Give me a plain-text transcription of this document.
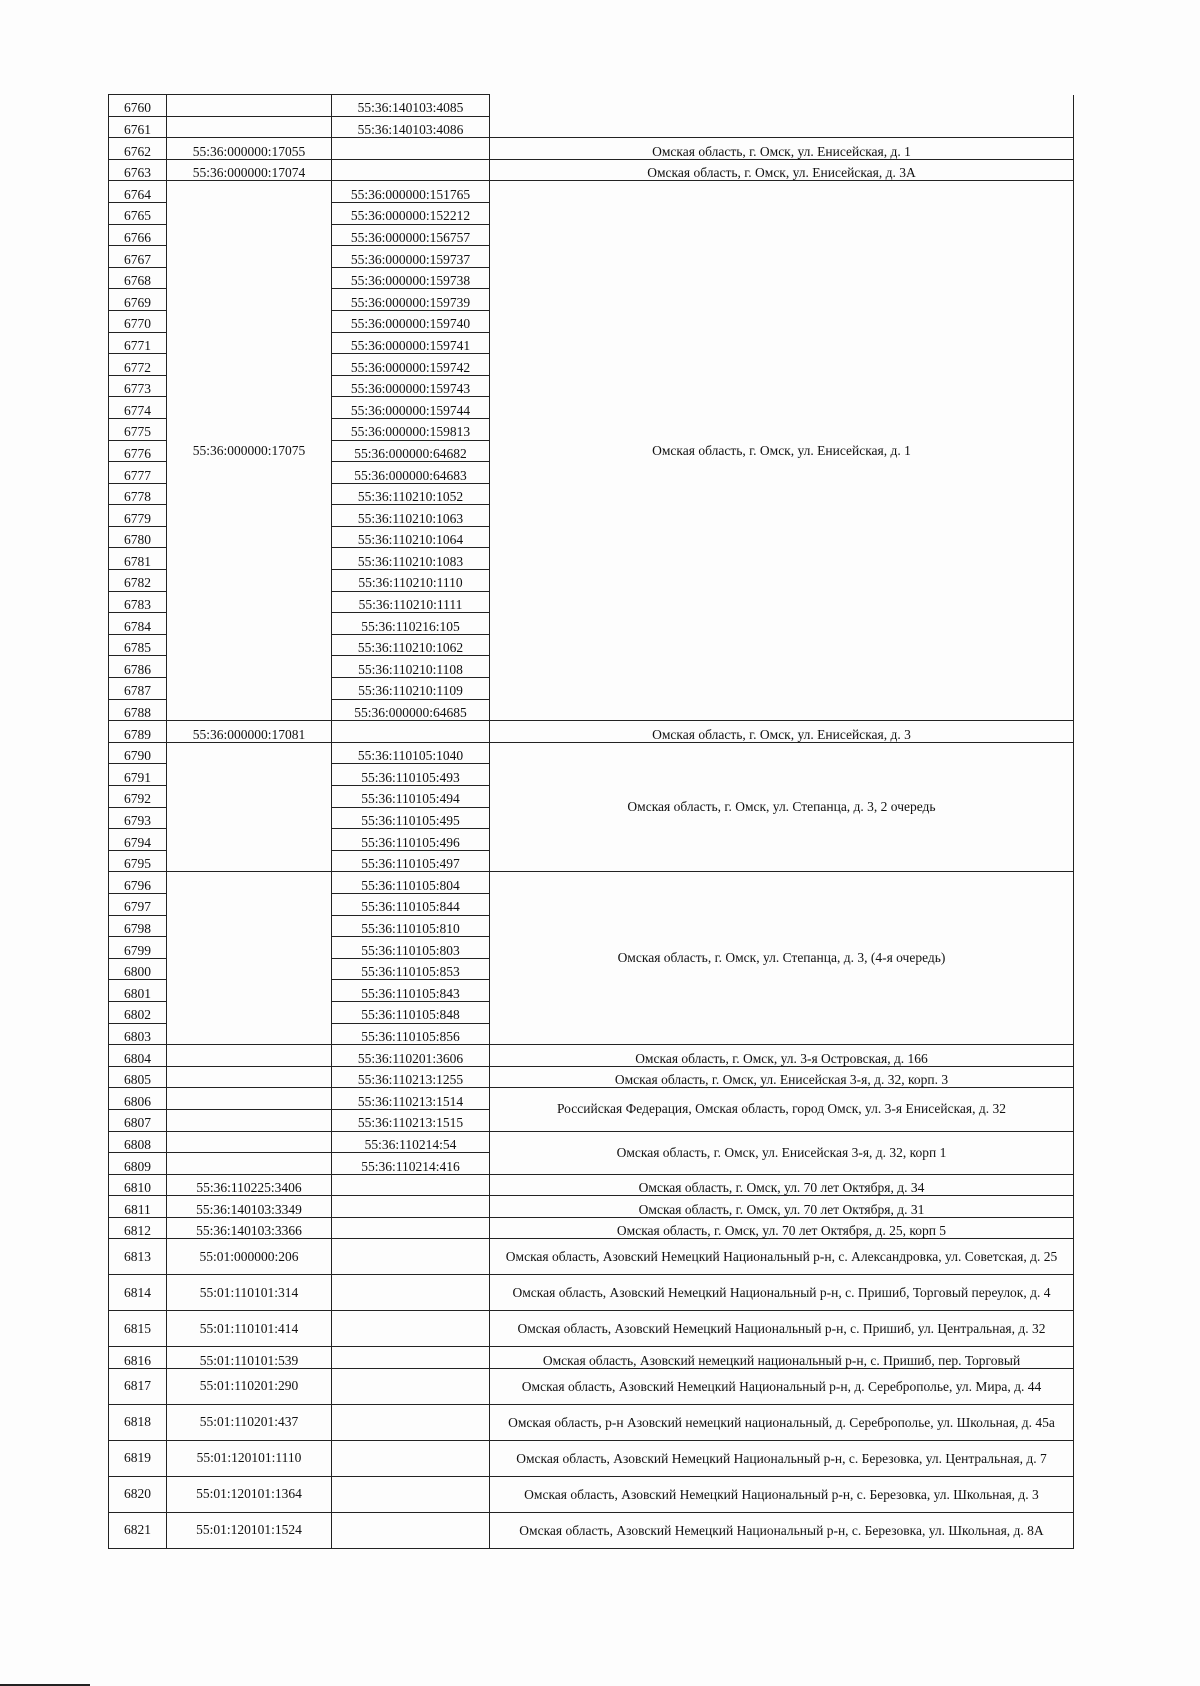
6760		55:36:140103:4085	
6761		55:36:140103:4086	
6762	55:36:000000:17055		Омская область, г. Омск, ул. Енисейская, д. 1
6763	55:36:000000:17074		Омская область, г. Омск, ул. Енисейская, д. 3А
6764	55:36:000000:17075	55:36:000000:151765	Омская область, г. Омск, ул. Енисейская, д. 1
6765		55:36:000000:152212	
6766		55:36:000000:156757	
6767		55:36:000000:159737	
6768		55:36:000000:159738	
6769		55:36:000000:159739	
6770		55:36:000000:159740	
6771		55:36:000000:159741	
6772		55:36:000000:159742	
6773		55:36:000000:159743	
6774		55:36:000000:159744	
6775		55:36:000000:159813	
6776		55:36:000000:64682	
6777		55:36:000000:64683	
6778		55:36:110210:1052	
6779		55:36:110210:1063	
6780		55:36:110210:1064	
6781		55:36:110210:1083	
6782		55:36:110210:1110	
6783		55:36:110210:1111	
6784		55:36:110216:105	
6785		55:36:110210:1062	
6786		55:36:110210:1108	
6787		55:36:110210:1109	
6788		55:36:000000:64685	
6789	55:36:000000:17081		Омская область, г. Омск, ул. Енисейская, д. 3
6790		55:36:110105:1040	Омская область, г. Омск, ул. Степанца, д. 3, 2 очередь
6791		55:36:110105:493	
6792		55:36:110105:494	
6793		55:36:110105:495	
6794		55:36:110105:496	
6795		55:36:110105:497	
6796		55:36:110105:804	Омская область, г. Омск, ул. Степанца, д. 3, (4-я очередь)
6797		55:36:110105:844	
6798		55:36:110105:810	
6799		55:36:110105:803	
6800		55:36:110105:853	
6801		55:36:110105:843	
6802		55:36:110105:848	
6803		55:36:110105:856	
6804		55:36:110201:3606	Омская область, г. Омск, ул. 3-я Островская, д. 166
6805		55:36:110213:1255	Омская область, г. Омск, ул. Енисейская 3-я, д. 32, корп. 3
6806		55:36:110213:1514	Российская Федерация, Омская область, город Омск, ул. 3-я Енисейская, д. 32
6807		55:36:110213:1515	
6808		55:36:110214:54	Омская область, г. Омск, ул. Енисейская 3-я, д. 32, корп 1
6809		55:36:110214:416	
6810	55:36:110225:3406		Омская область, г. Омск, ул. 70 лет Октября, д. 34
6811	55:36:140103:3349		Омская область, г. Омск, ул. 70 лет Октября, д. 31
6812	55:36:140103:3366		Омская область, г. Омск, ул. 70 лет Октября, д. 25, корп 5
6813	55:01:000000:206		Омская область, Азовский Немецкий Национальный р-н, с. Александровка, ул. Советская, д. 25
6814	55:01:110101:314		Омская область, Азовский Немецкий Национальный р-н, с. Пришиб, Торговый переулок, д. 4
6815	55:01:110101:414		Омская область, Азовский Немецкий Национальный р-н, с. Пришиб, ул. Центральная, д. 32
6816	55:01:110101:539		Омская область, Азовский немецкий национальный р-н, с. Пришиб, пер. Торговый
6817	55:01:110201:290		Омская область, Азовский Немецкий Национальный р-н, д. Сереброполье, ул. Мира, д. 44
6818	55:01:110201:437		Омская область, р-н Азовский немецкий национальный, д. Сереброполье, ул. Школьная, д. 45а
6819	55:01:120101:1110		Омская область, Азовский Немецкий Национальный р-н, с. Березовка, ул. Центральная, д. 7
6820	55:01:120101:1364		Омская область, Азовский Немецкий Национальный р-н, с. Березовка, ул. Школьная, д. 3
6821	55:01:120101:1524		Омская область, Азовский Немецкий Национальный р-н, с. Березовка, ул. Школьная, д. 8А
